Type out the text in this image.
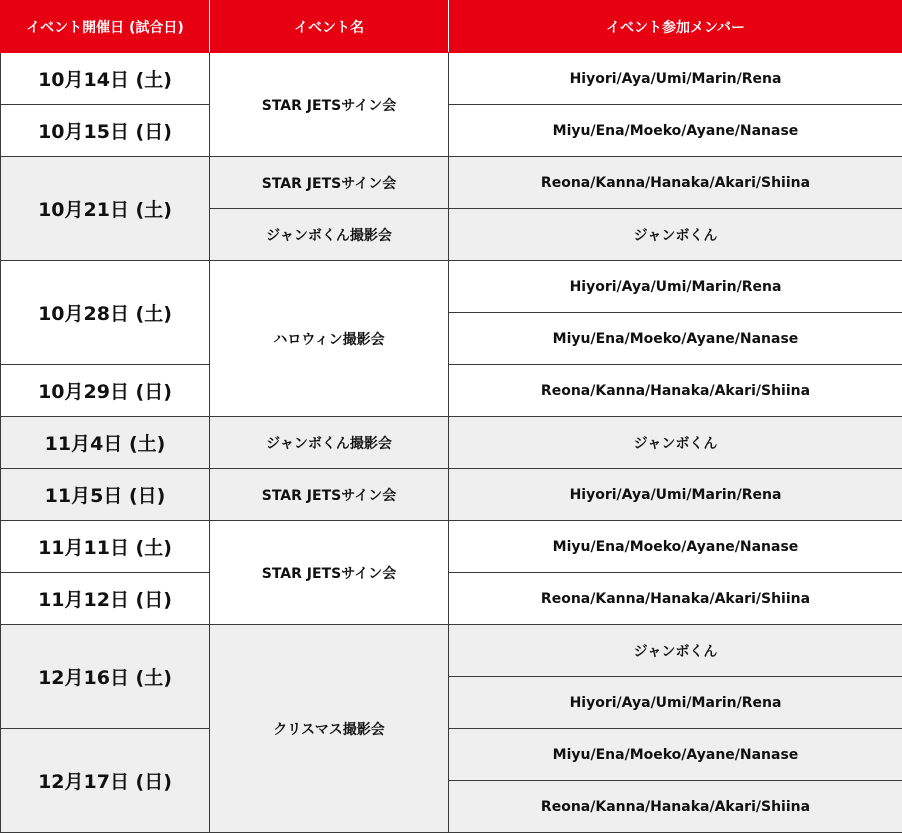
イベント開催日 (試合日)	イベント名	イベント参加メンバー
10月14日 (土)	STAR JETSサイン会	Hiyori/Aya/Umi/Marin/Rena
10月15日 (日)		Miyu/Ena/Moeko/Ayane/Nanase
10月21日 (土)	STAR JETSサイン会	Reona/Kanna/Hanaka/Akari/Shiina
	ジャンボくん撮影会	ジャンボくん
10月28日 (土)	ハロウィン撮影会	Hiyori/Aya/Umi/Marin/Rena
		Miyu/Ena/Moeko/Ayane/Nanase
10月29日 (日)		Reona/Kanna/Hanaka/Akari/Shiina
11月4日 (土)	ジャンボくん撮影会	ジャンボくん
11月5日 (日)	STAR JETSサイン会	Hiyori/Aya/Umi/Marin/Rena
11月11日 (土)	STAR JETSサイン会	Miyu/Ena/Moeko/Ayane/Nanase
11月12日 (日)		Reona/Kanna/Hanaka/Akari/Shiina
12月16日 (土)	クリスマス撮影会	ジャンボくん
		Hiyori/Aya/Umi/Marin/Rena
12月17日 (日)		Miyu/Ena/Moeko/Ayane/Nanase
		Reona/Kanna/Hanaka/Akari/Shiina
